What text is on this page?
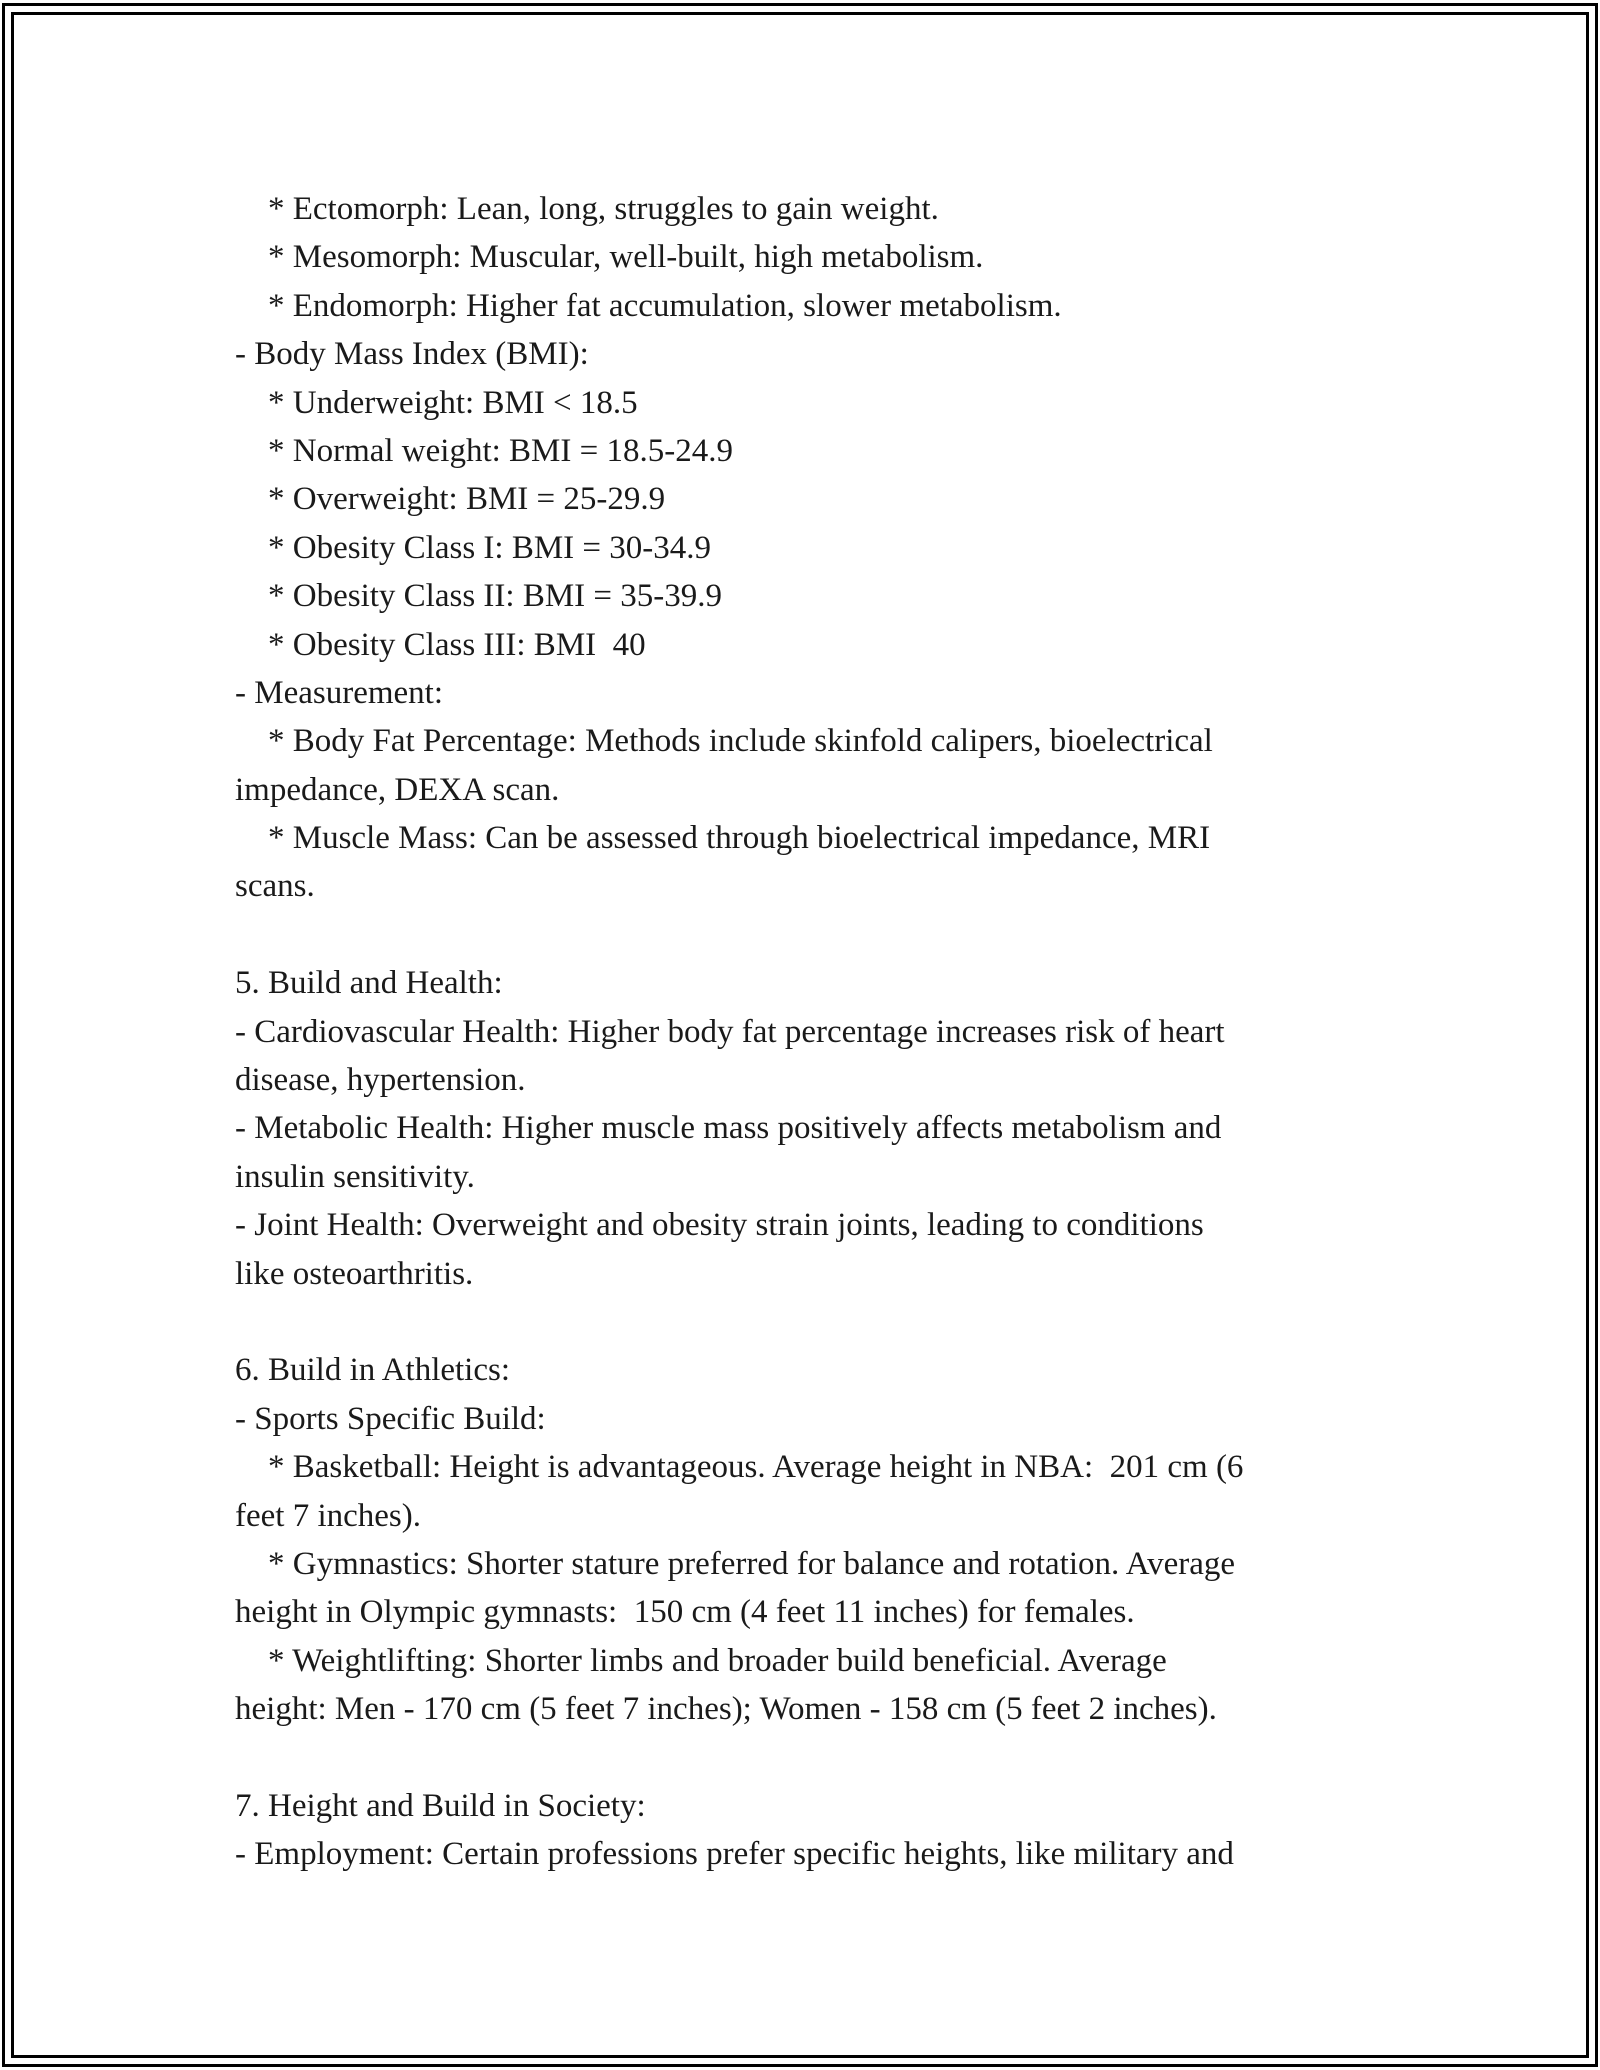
* Ectomorph: Lean, long, struggles to gain weight.
* Mesomorph: Muscular, well-built, high metabolism.
* Endomorph: Higher fat accumulation, slower metabolism.
- Body Mass Index (BMI):
* Underweight: BMI < 18.5
* Normal weight: BMI = 18.5-24.9
* Overweight: BMI = 25-29.9
* Obesity Class I: BMI = 30-34.9
* Obesity Class II: BMI = 35-39.9
* Obesity Class III: BMI  40
- Measurement:
* Body Fat Percentage: Methods include skinfold calipers, bioelectrical
impedance, DEXA scan.
* Muscle Mass: Can be assessed through bioelectrical impedance, MRI
scans.
5. Build and Health:
- Cardiovascular Health: Higher body fat percentage increases risk of heart
disease, hypertension.
- Metabolic Health: Higher muscle mass positively affects metabolism and
insulin sensitivity.
- Joint Health: Overweight and obesity strain joints, leading to conditions
like osteoarthritis.
6. Build in Athletics:
- Sports Specific Build:
* Basketball: Height is advantageous. Average height in NBA:  201 cm (6
feet 7 inches).
* Gymnastics: Shorter stature preferred for balance and rotation. Average
height in Olympic gymnasts:  150 cm (4 feet 11 inches) for females.
* Weightlifting: Shorter limbs and broader build beneficial. Average
height: Men - 170 cm (5 feet 7 inches); Women - 158 cm (5 feet 2 inches).
7. Height and Build in Society:
- Employment: Certain professions prefer specific heights, like military and
